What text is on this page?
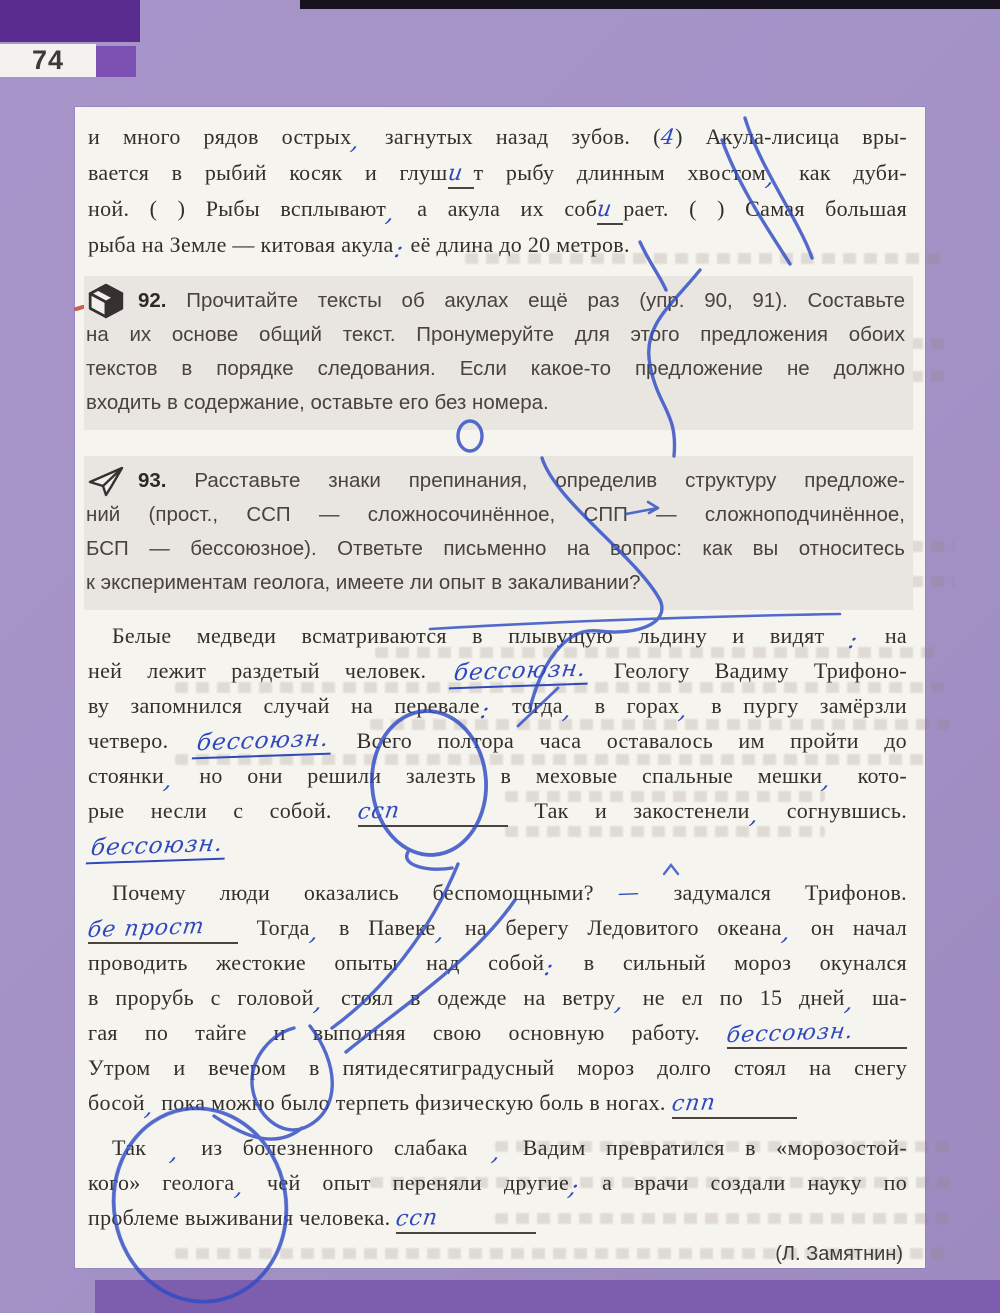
74
и много рядов острых, загнутых назад зубов. (4) Акула-лисица вры-
вается в рыбий косяк и глуши т рыбу длинным хвостом, как дуби-
ной. ( ) Рыбы всплывают, а акула их соби рает. ( ) Самая большая
рыба на Земле — китовая акула: её длина до 20 метров.
92. Прочитайте тексты об акулах ещё раз (упр. 90, 91). Составьте
на их основе общий текст. Пронумеруйте для этого предложения обоих
текстов в порядке следования. Если какое-то предложение не должно
входить в содержание, оставьте его без номера.
93. Расставьте знаки препинания, определив структуру предложе-
ний (прост., ССП — сложносочинённое, СПП — сложноподчинённое,
БСП — бессоюзное). Ответьте письменно на вопрос: как вы относитесь
к экспериментам геолога, имеете ли опыт в закаливании?
Белые медведи всматриваются в плывущую льдину и видят : на
ней лежит раздетый человек. бессоюзн. Геологу Вадиму Трифоно-
ву запомнился случай на перевале: тогда, в горах, в пургу замёрзли
четверо. бессоюзн. Всего полтора часа оставалось им пройти до
стоянки, но они решили залезть в меховые спальные мешки, кото-
рые несли с собой. ссп	Так и закостенели, согнувшись.
бессоюзн.
Почему люди оказались беспомощными? — задумался Трифонов.
бе прост Тогда, в Павеке, на берегу Ледовитого океана, он начал
проводить жестокие опыты над собой: в сильный мороз окунался
в прорубь с головой, стоял в одежде на ветру, не ел по 15 дней, ша-
гая по тайге и выполняя свою основную работу. бессоюзн.
Утром и вечером в пятидесятиградусный мороз долго стоял на снегу
босой, пока можно было терпеть физическую боль в ногах. спп
Так , из болезненного слабака , Вадим превратился в «морозостой-
кого» геолога, чей опыт переняли другие; а врачи создали науку по
проблеме выживания человека. ссп
(Л. Замятнин)
